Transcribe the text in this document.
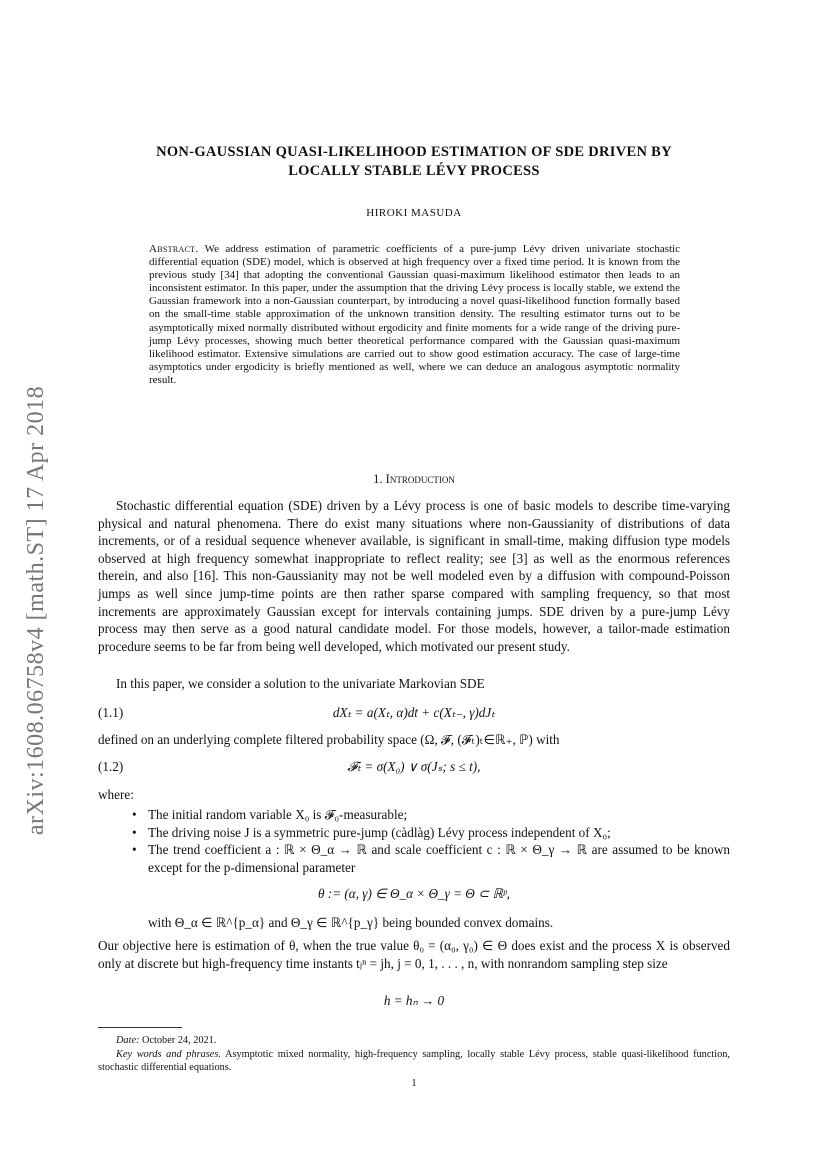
arXiv:1608.06758v4 [math.ST] 17 Apr 2018
NON-GAUSSIAN QUASI-LIKELIHOOD ESTIMATION OF SDE DRIVEN BY
LOCALLY STABLE LÉVY PROCESS
HIROKI MASUDA
Abstract. We address estimation of parametric coefficients of a pure-jump Lévy driven univariate stochastic differential equation (SDE) model, which is observed at high frequency over a fixed time period. It is known from the previous study [34] that adopting the conventional Gaussian quasi-maximum likelihood estimator then leads to an inconsistent estimator. In this paper, under the assumption that the driving Lévy process is locally stable, we extend the Gaussian framework into a non-Gaussian counterpart, by introducing a novel quasi-likelihood function formally based on the small-time stable approximation of the unknown transition density. The resulting estimator turns out to be asymptotically mixed normally distributed without ergodicity and finite moments for a wide range of the driving pure-jump Lévy processes, showing much better theoretical performance compared with the Gaussian quasi-maximum likelihood estimator. Extensive simulations are carried out to show good estimation accuracy. The case of large-time asymptotics under ergodicity is briefly mentioned as well, where we can deduce an analogous asymptotic normality result.
1. Introduction
Stochastic differential equation (SDE) driven by a Lévy process is one of basic models to describe time-varying physical and natural phenomena. There do exist many situations where non-Gaussianity of distributions of data increments, or of a residual sequence whenever available, is significant in small-time, making diffusion type models observed at high frequency somewhat inappropriate to reflect reality; see [3] as well as the enormous references therein, and also [16]. This non-Gaussianity may not be well modeled even by a diffusion with compound-Poisson jumps as well since jump-time points are then rather sparse compared with sampling frequency, so that most increments are approximately Gaussian except for intervals containing jumps. SDE driven by a pure-jump Lévy process may then serve as a good natural candidate model. For those models, however, a tailor-made estimation procedure seems to be far from being well developed, which motivated our present study.
In this paper, we consider a solution to the univariate Markovian SDE
(1.1)	dXₜ = a(Xₜ, α)dt + c(Xₜ₋, γ)dJₜ
defined on an underlying complete filtered probability space (Ω, 𝓕, (𝓕ₜ)ₜ∈ℝ₊, ℙ) with
(1.2)	𝓕ₜ = σ(X₀) ∨ σ(Jₛ; s ≤ t),
where:
• The initial random variable X₀ is 𝓕₀-measurable;
• The driving noise J is a symmetric pure-jump (càdlàg) Lévy process independent of X₀;
• The trend coefficient a : ℝ × Θ_α → ℝ and scale coefficient c : ℝ × Θ_γ → ℝ are assumed to be known except for the p-dimensional parameter
θ := (α, γ) ∈ Θ_α × Θ_γ = Θ ⊂ ℝᵖ,
with Θ_α ∈ ℝ^{p_α} and Θ_γ ∈ ℝ^{p_γ} being bounded convex domains.
Our objective here is estimation of θ, when the true value θ₀ = (α₀, γ₀) ∈ Θ does exist and the process X is observed only at discrete but high-frequency time instants tⱼⁿ = jh, j = 0, 1, . . . , n, with nonrandom sampling step size
h = hₙ → 0
Date: October 24, 2021.
Key words and phrases. Asymptotic mixed normality, high-frequency sampling, locally stable Lévy process, stable quasi-likelihood function, stochastic differential equations.
1
